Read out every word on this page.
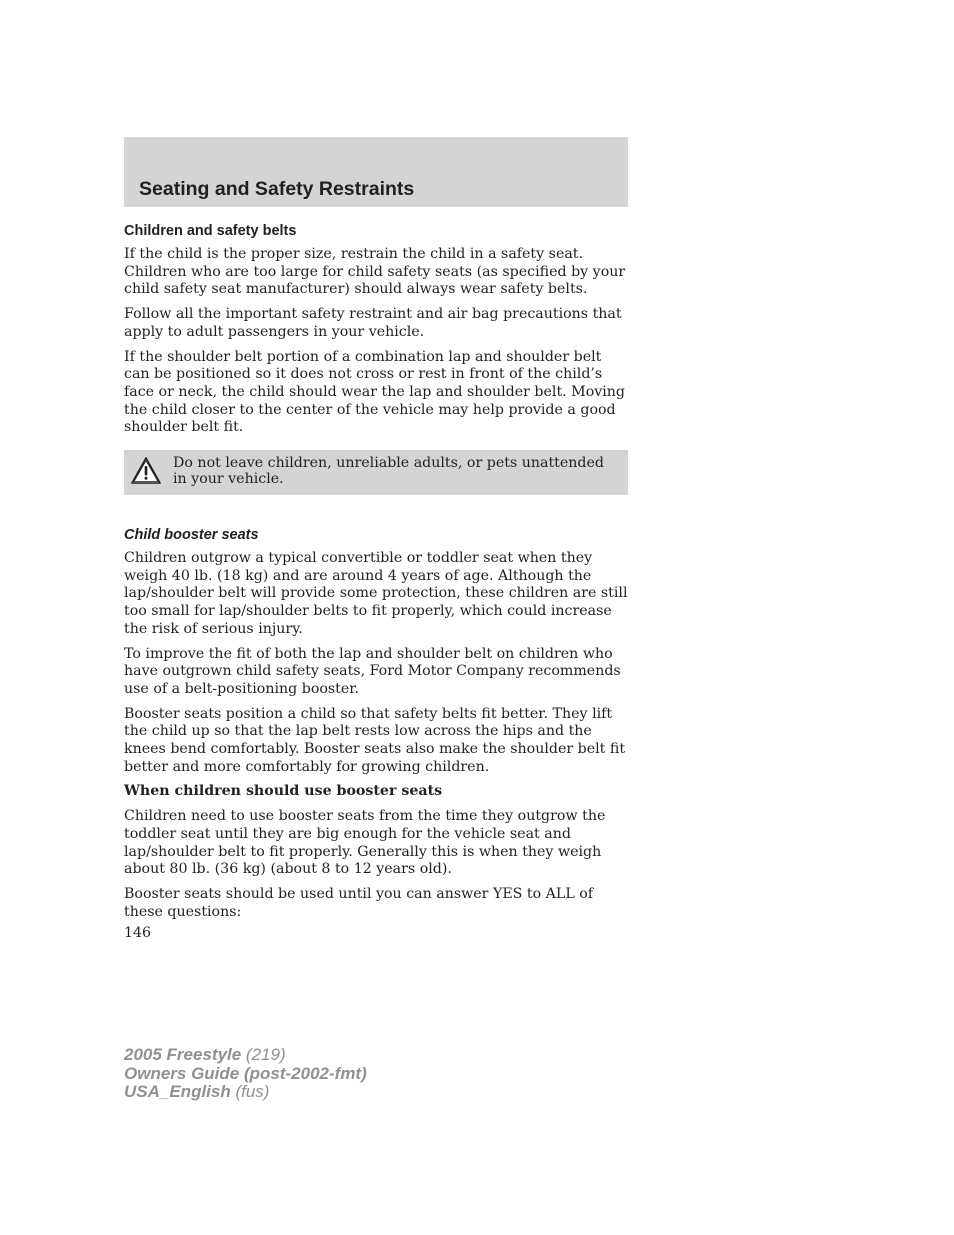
Seating and Safety Restraints
Children and safety belts

If the child is the proper size, restrain the child in a safety seat. Children who are too large for child safety seats (as specified by your child safety seat manufacturer) should always wear safety belts.

Follow all the important safety restraint and air bag precautions that apply to adult passengers in your vehicle.

If the shoulder belt portion of a combination lap and shoulder belt can be positioned so it does not cross or rest in front of the child’s face or neck, the child should wear the lap and shoulder belt. Moving the child closer to the center of the vehicle may help provide a good shoulder belt fit.

Do not leave children, unreliable adults, or pets unattended in your vehicle.

Child booster seats

Children outgrow a typical convertible or toddler seat when they weigh 40 lb. (18 kg) and are around 4 years of age. Although the lap/shoulder belt will provide some protection, these children are still too small for lap/shoulder belts to fit properly, which could increase the risk of serious injury.

To improve the fit of both the lap and shoulder belt on children who have outgrown child safety seats, Ford Motor Company recommends use of a belt-positioning booster.

Booster seats position a child so that safety belts fit better. They lift the child up so that the lap belt rests low across the hips and the knees bend comfortably. Booster seats also make the shoulder belt fit better and more comfortably for growing children.

When children should use booster seats

Children need to use booster seats from the time they outgrow the toddler seat until they are big enough for the vehicle seat and lap/shoulder belt to fit properly. Generally this is when they weigh about 80 lb. (36 kg) (about 8 to 12 years old).

Booster seats should be used until you can answer YES to ALL of these questions:

146

2005 Freestyle (219)
Owners Guide (post-2002-fmt)
USA_English (fus)
